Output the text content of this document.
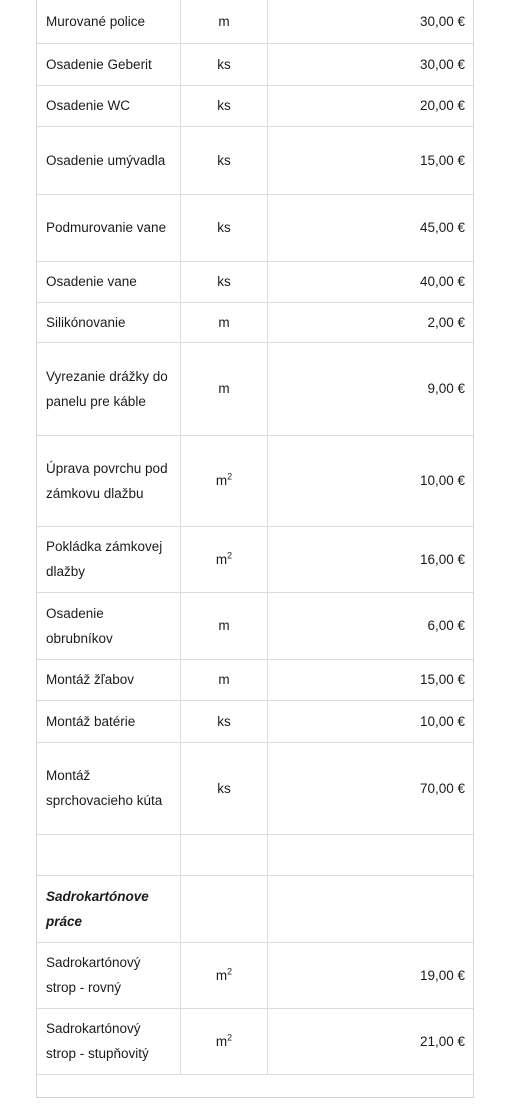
Murované police	m	30,00 €
Osadenie Geberit	ks	30,00 €
Osadenie WC	ks	20,00 €
Osadenie umývadla	ks	15,00 €
Podmurovanie vane	ks	45,00 €
Osadenie vane	ks	40,00 €
Silikónovanie	m	2,00 €
Vyrezanie drážky do panelu pre káble	m	9,00 €
Úprava povrchu pod zámkovu dlažbu	$m^2$	10,00 €
Pokládka zámkovej dlažby	$m^2$	16,00 €
Osadenie obrubníkov	m	6,00 €
Montáž žľabov	m	15,00 €
Montáž batérie	ks	10,00 €
Montáž sprchovacieho kúta	ks	70,00 €

Sadrokartónove práce		
Sadrokartónový strop - rovný	$m^2$	19,00 €
Sadrokartónový strop - stupňovitý	$m^2$	21,00 €
